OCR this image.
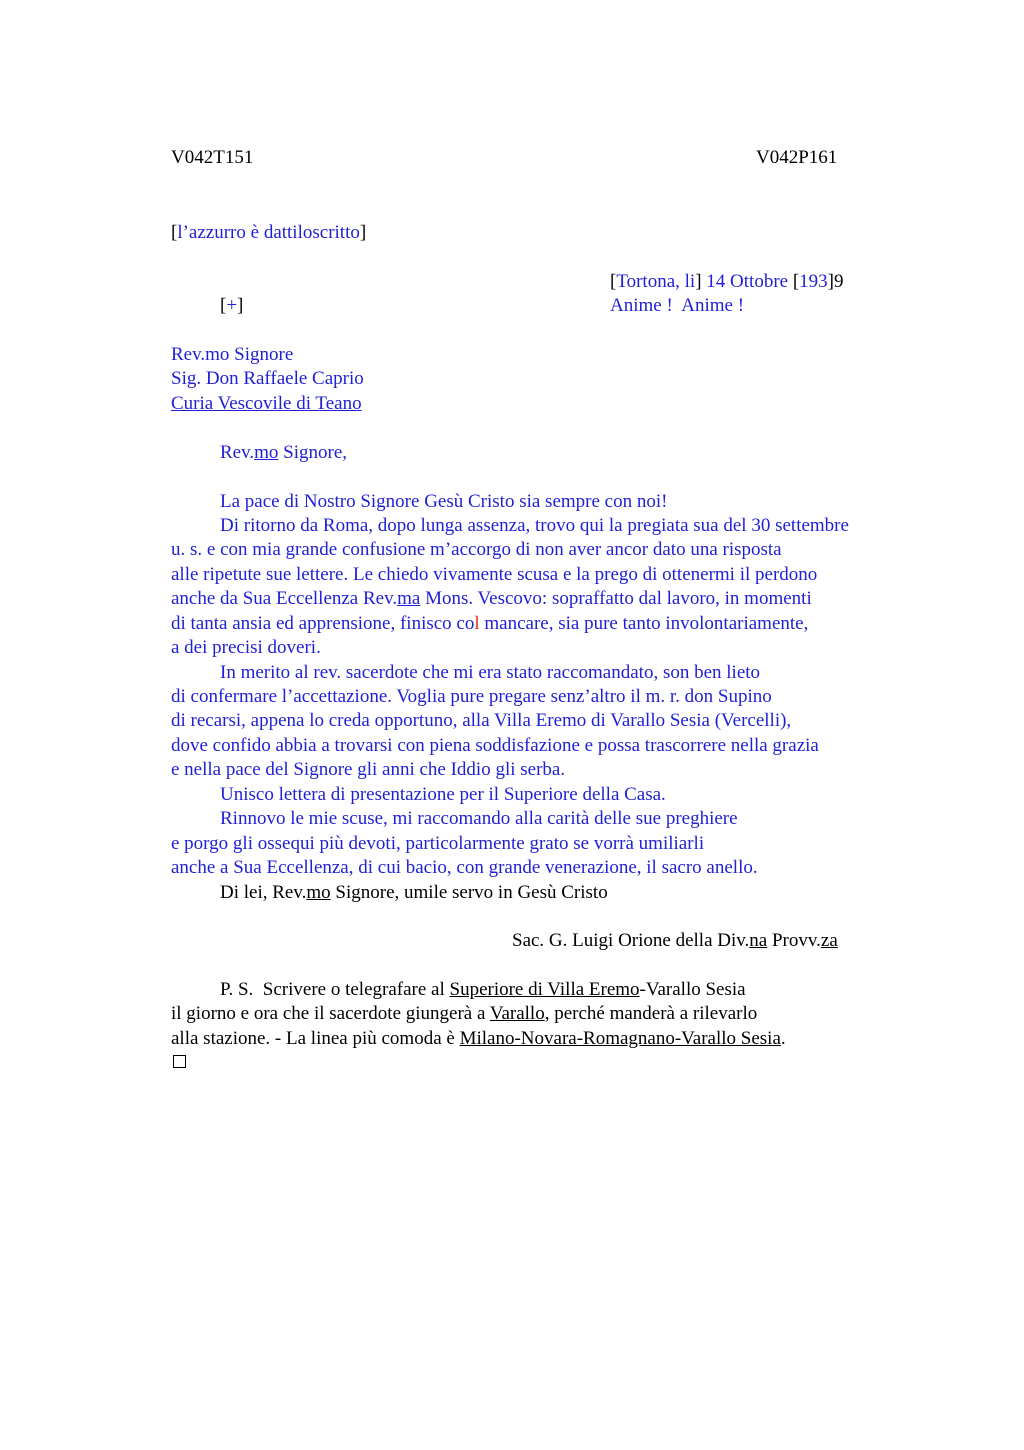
V042T151	V042P161
[l’azzurro è dattiloscritto]
[Tortona, li] 14 Ottobre [193]9
[+]	Anime !  Anime !
Rev.mo Signore
Sig. Don Raffaele Caprio
Curia Vescovile di Teano
Rev.mo Signore,
La pace di Nostro Signore Gesù Cristo sia sempre con noi!
Di ritorno da Roma, dopo lunga assenza, trovo qui la pregiata sua del 30 settembre
u. s. e con mia grande confusione m’accorgo di non aver ancor dato una risposta
alle ripetute sue lettere. Le chiedo vivamente scusa e la prego di ottenermi il perdono
anche da Sua Eccellenza Rev.ma Mons. Vescovo: sopraffatto dal lavoro, in momenti
di tanta ansia ed apprensione, finisco col mancare, sia pure tanto involontariamente,
a dei precisi doveri.
In merito al rev. sacerdote che mi era stato raccomandato, son ben lieto
di confermare l’accettazione. Voglia pure pregare senz’altro il m. r. don Supino
di recarsi, appena lo creda opportuno, alla Villa Eremo di Varallo Sesia (Vercelli),
dove confido abbia a trovarsi con piena soddisfazione e possa trascorrere nella grazia
e nella pace del Signore gli anni che Iddio gli serba.
Unisco lettera di presentazione per il Superiore della Casa.
Rinnovo le mie scuse, mi raccomando alla carità delle sue preghiere
e porgo gli ossequi più devoti, particolarmente grato se vorrà umiliarli
anche a Sua Eccellenza, di cui bacio, con grande venerazione, il sacro anello.
Di lei, Rev.mo Signore, umile servo in Gesù Cristo
Sac. G. Luigi Orione della Div.na Provv.za
P. S.  Scrivere o telegrafare al Superiore di Villa Eremo-Varallo Sesia
il giorno e ora che il sacerdote giungerà a Varallo, perché manderà a rilevarlo
alla stazione. - La linea più comoda è Milano-Novara-Romagnano-Varallo Sesia.
